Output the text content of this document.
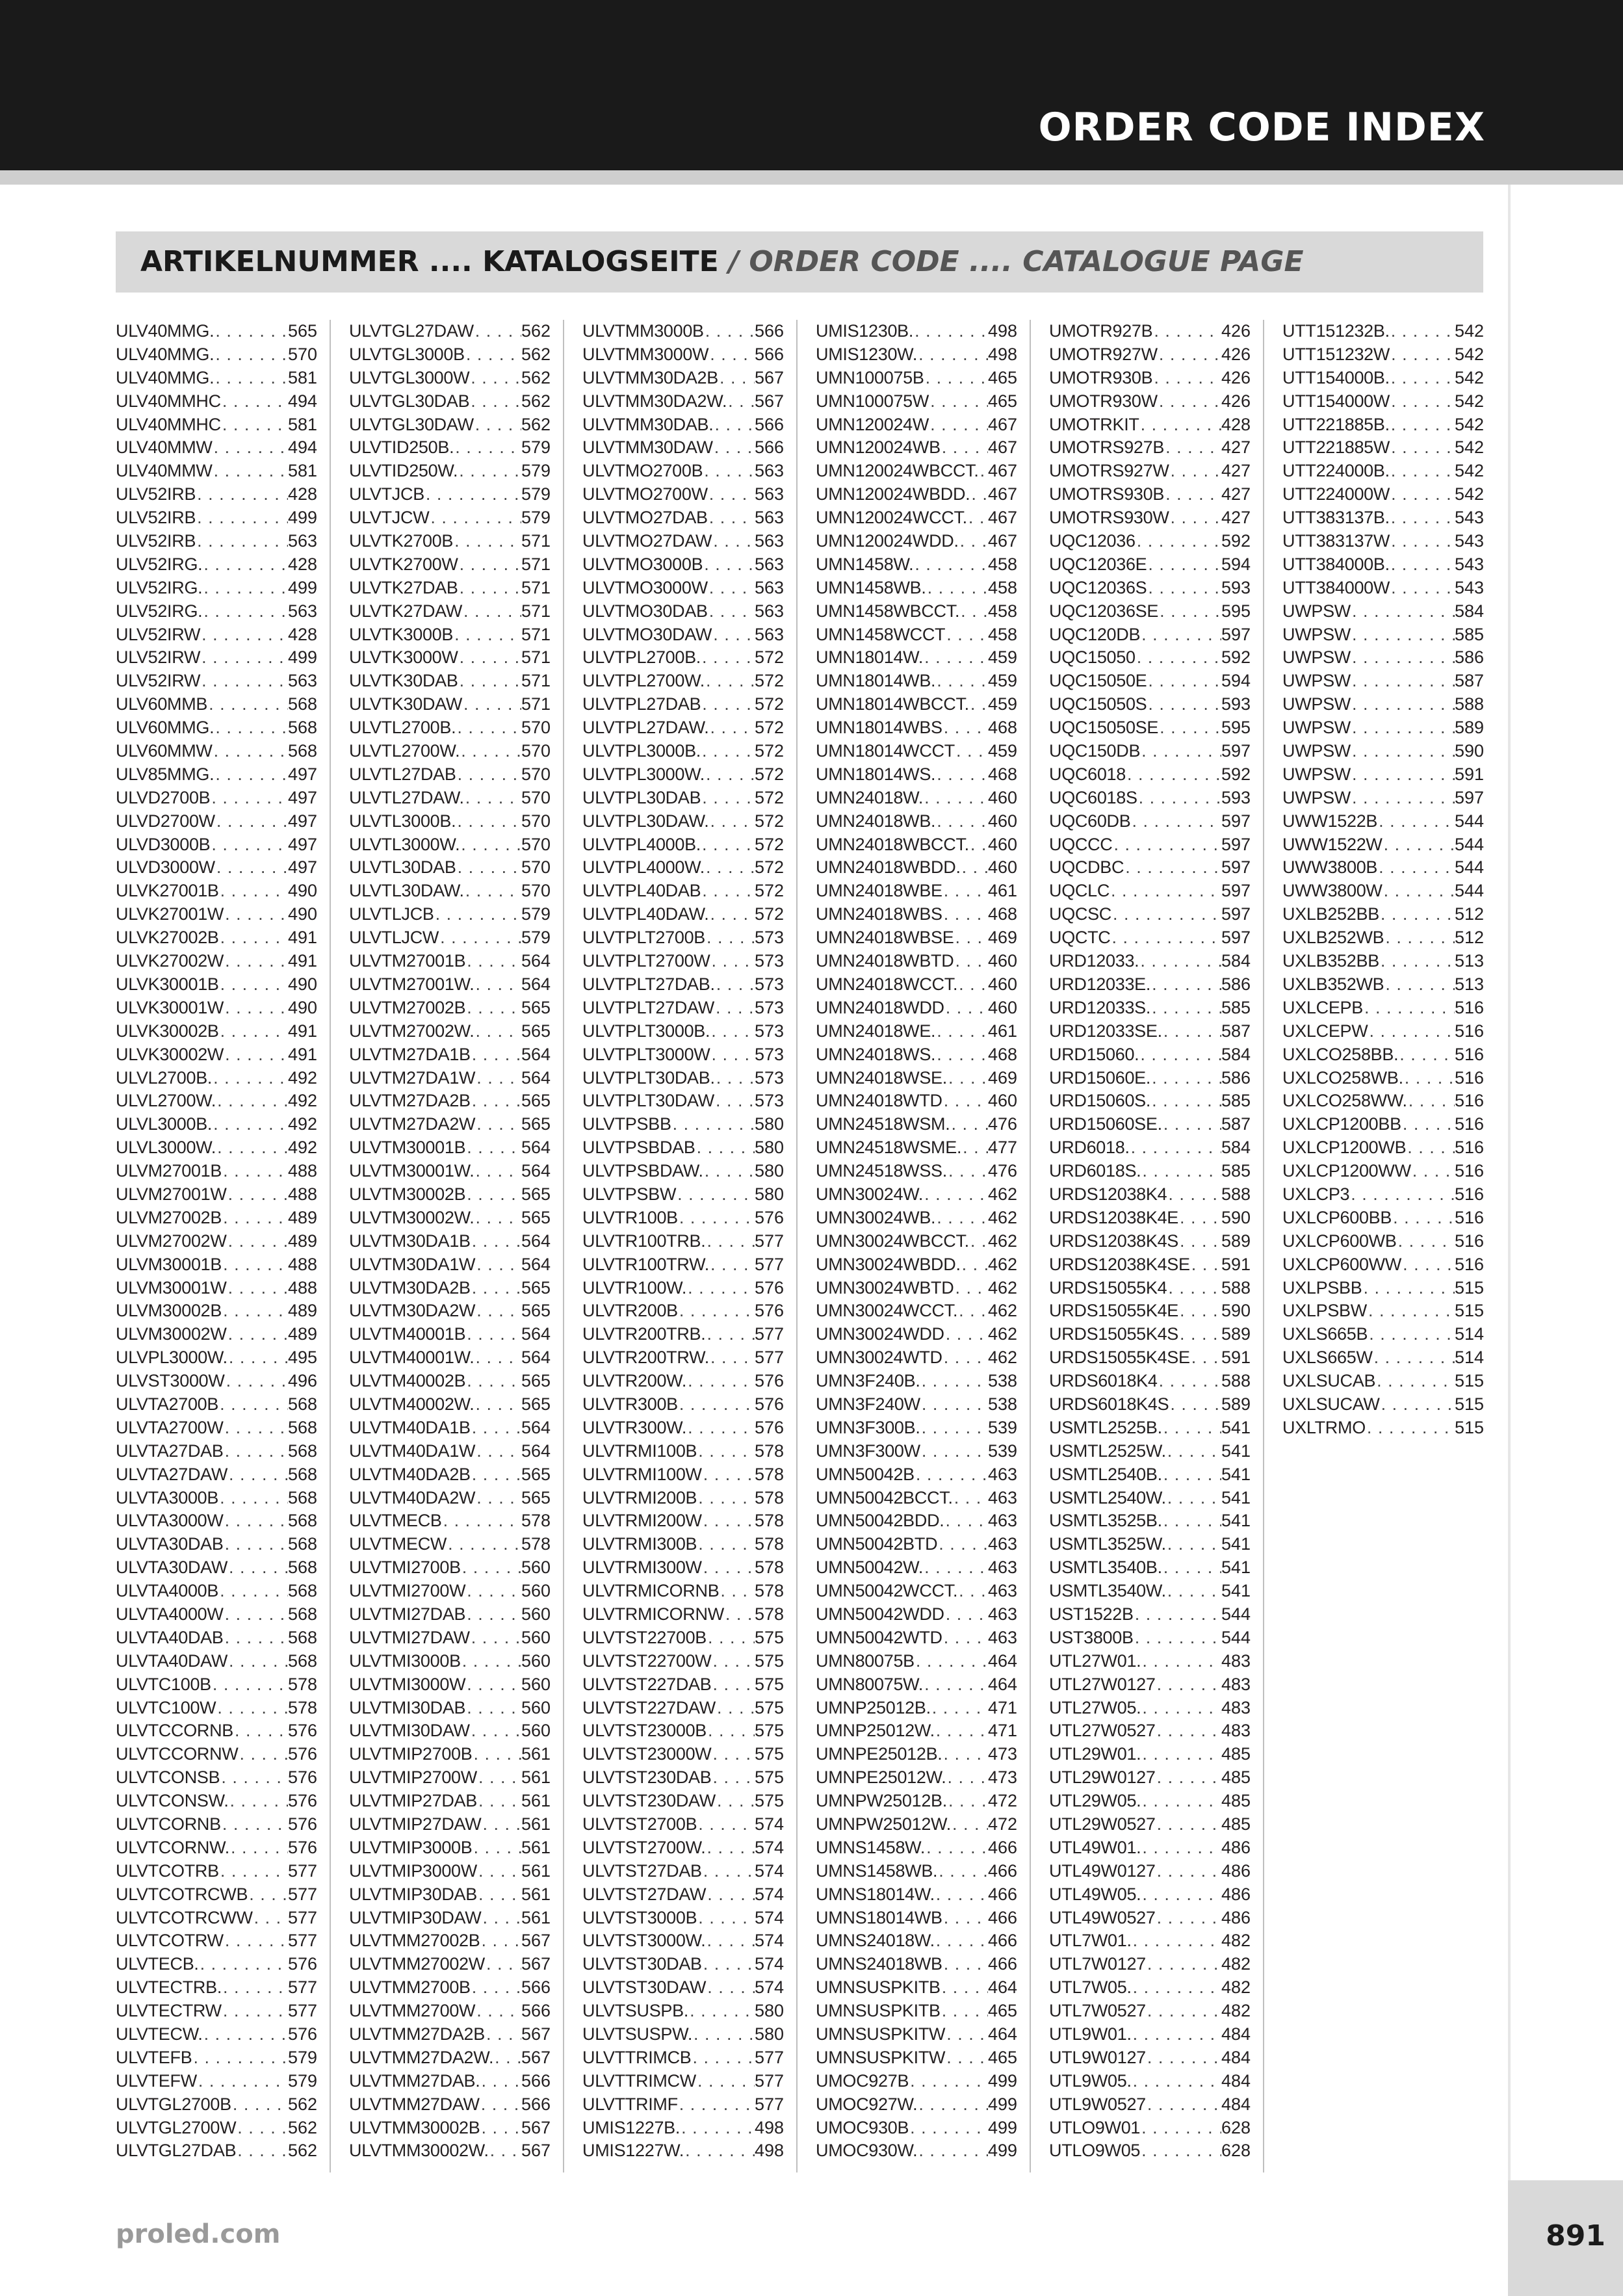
ORDER CODE INDEX
ARTIKELNUMMER .... KATALOGSEITE / ORDER CODE .... CATALOGUE PAGE
ULV40MMG. . . .	565
ULV40MMG. . . .	570
ULV40MMG. . . .	581
ULV40MMHC . . .	494
ULV40MMHC . . .	581
ULV40MMW . . .	494
ULV40MMW . . .	581
ULV52IRB . . .	428
ULV52IRB . . .	499
ULV52IRB . . .	563
ULV52IRG. . . .	428
ULV52IRG. . . .	499
ULV52IRG. . . .	563
ULV52IRW . . .	428
ULV52IRW . . .	499
ULV52IRW . . .	563
ULV60MMB . . .	568
ULV60MMG. . . .	568
ULV60MMW . . .	568
ULV85MMG. . . .	497
ULVD2700B . . .	497
ULVD2700W . . .	497
ULVD3000B . . .	497
ULVD3000W . . .	497
ULVK27001B . . .	490
ULVK27001W . . .	490
ULVK27002B . . .	491
ULVK27002W . . .	491
ULVK30001B . . .	490
ULVK30001W . . .	490
ULVK30002B . . .	491
ULVK30002W . . .	491
ULVL2700B. . . .	492
ULVL2700W. . . .	492
ULVL3000B. . . .	492
ULVL3000W. . . .	492
ULVM27001B . . .	488
ULVM27001W . . .	488
ULVM27002B . . .	489
ULVM27002W . . .	489
ULVM30001B . . .	488
ULVM30001W . . .	488
ULVM30002B . . .	489
ULVM30002W . . .	489
ULVPL3000W. . . .	495
ULVST3000W . . .	496
ULVTA2700B . . .	568
ULVTA2700W . . .	568
ULVTA27DAB . . .	568
ULVTA27DAW . . .	568
ULVTA3000B . . .	568
ULVTA3000W . . .	568
ULVTA30DAB . . .	568
ULVTA30DAW . . .	568
ULVTA4000B . . .	568
ULVTA4000W . . .	568
ULVTA40DAB . . .	568
ULVTA40DAW . . .	568
ULVTC100B . . .	578
ULVTC100W . . .	578
ULVTCCORNB . . .	576
ULVTCCORNW . . .	576
ULVTCONSB . . .	576
ULVTCONSW. . . .	576
ULVTCORNB . . .	576
ULVTCORNW. . . .	576
ULVTCOTRB . . .	577
ULVTCOTRCWB . . . 577
ULVTCOTRCWW . . . 577
ULVTCOTRW . . .	577
ULVTECB. . . .	576
ULVTECTRB. . . .	577
ULVTECTRW . . .	577
ULVTECW. . . .	576
ULVTEFB . . .	579
ULVTEFW . . .	579
ULVTGL2700B . . .	562
ULVTGL2700W . . .	562
ULVTGL27DAB . . .	562
ULVTGL27DAW . . .	562
ULVTGL3000B . . .	562
ULVTGL3000W . . .	562
ULVTGL30DAB . . .	562
ULVTGL30DAW . . .	562
ULVTID250B. . . .	579
ULVTID250W. . . .	579
ULVTJCB . . .	579
ULVTJCW . . .	579
ULVTK2700B . . .	571
ULVTK2700W . . .	571
ULVTK27DAB . . .	571
ULVTK27DAW . . .	571
ULVTK3000B . . .	571
ULVTK3000W . . .	571
ULVTK30DAB . . .	571
ULVTK30DAW . . .	571
ULVTL2700B. . . .	570
ULVTL2700W. . . .	570
ULVTL27DAB . . .	570
ULVTL27DAW. . . .	570
ULVTL3000B. . . .	570
ULVTL3000W. . . .	570
ULVTL30DAB . . .	570
ULVTL30DAW. . . .	570
ULVTLJCB . . .	579
ULVTLJCW . . .	579
ULVTM27001B . . .	564
ULVTM27001W. . . .	564
ULVTM27002B . . .	565
ULVTM27002W. . . .	565
ULVTM27DA1B . . .	564
ULVTM27DA1W . . .	564
ULVTM27DA2B . . .	565
ULVTM27DA2W . . .	565
ULVTM30001B . . .	564
ULVTM30001W. . . .	564
ULVTM30002B . . .	565
ULVTM30002W. . . .	565
ULVTM30DA1B . . .	564
ULVTM30DA1W . . .	564
ULVTM30DA2B . . .	565
ULVTM30DA2W . . .	565
ULVTM40001B . . .	564
ULVTM40001W. . . .	564
ULVTM40002B . . .	565
ULVTM40002W. . . .	565
ULVTM40DA1B . . .	564
ULVTM40DA1W . . .	564
ULVTM40DA2B . . .	565
ULVTM40DA2W . . .	565
ULVTMECB . . .	578
ULVTMECW . . .	578
ULVTMI2700B . . .	560
ULVTMI2700W . . .	560
ULVTMI27DAB . . .	560
ULVTMI27DAW . . .	560
ULVTMI3000B . . .	560
ULVTMI3000W . . .	560
ULVTMI30DAB . . .	560
ULVTMI30DAW . . .	560
ULVTMIP2700B . . .	561
ULVTMIP2700W . . .	561
ULVTMIP27DAB . . .	561
ULVTMIP27DAW . . . 561
ULVTMIP3000B . . .	561
ULVTMIP3000W . . .	561
ULVTMIP30DAB . . .	561
ULVTMIP30DAW . . . 561
ULVTMM27002B . . . 567
ULVTMM27002W . . . 567
ULVTMM2700B . . .	566
ULVTMM2700W . . .	566
ULVTMM27DA2B . . . 567
ULVTMM27DA2W. . . . 567
ULVTMM27DAB. . . . 566
ULVTMM27DAW . . . 566
ULVTMM30002B . . . 567
ULVTMM30002W. . . . 567
ULVTMM3000B . . .	566
ULVTMM3000W . . .	566
ULVTMM30DA2B . . . 567
ULVTMM30DA2W. . . . 567
ULVTMM30DAB. . . . 566
ULVTMM30DAW . . . 566
ULVTMO2700B . . .	563
ULVTMO2700W . . .	563
ULVTMO27DAB . . .	563
ULVTMO27DAW . . . 563
ULVTMO3000B . . .	563
ULVTMO3000W . . .	563
ULVTMO30DAB . . .	563
ULVTMO30DAW . . . 563
ULVTPL2700B. . . .	572
ULVTPL2700W. . . .	572
ULVTPL27DAB . . .	572
ULVTPL27DAW. . . .	572
ULVTPL3000B. . . .	572
ULVTPL3000W. . . .	572
ULVTPL30DAB . . .	572
ULVTPL30DAW. . . .	572
ULVTPL4000B. . . .	572
ULVTPL4000W. . . .	572
ULVTPL40DAB . . .	572
ULVTPL40DAW. . . .	572
ULVTPLT2700B . . .	573
ULVTPLT2700W . . .	573
ULVTPLT27DAB. . . . 573
ULVTPLT27DAW . . . 573
ULVTPLT3000B. . . .	573
ULVTPLT3000W . . .	573
ULVTPLT30DAB. . . . 573
ULVTPLT30DAW . . . 573
ULVTPSBB . . .	580
ULVTPSBDAB . . .	580
ULVTPSBDAW. . . .	580
ULVTPSBW . . .	580
ULVTR100B . . .	576
ULVTR100TRB. . . .	577
ULVTR100TRW. . . .	577
ULVTR100W. . . .	576
ULVTR200B . . .	576
ULVTR200TRB. . . .	577
ULVTR200TRW. . . .	577
ULVTR200W. . . .	576
ULVTR300B . . .	576
ULVTR300W. . . .	576
ULVTRMI100B . . .	578
ULVTRMI100W . . .	578
ULVTRMI200B . . .	578
ULVTRMI200W . . .	578
ULVTRMI300B . . .	578
ULVTRMI300W . . .	578
ULVTRMICORNB . . . 578
ULVTRMICORNW . . . 578
ULVTST22700B . . .	575
ULVTST22700W . . . 575
ULVTST227DAB . . . 575
ULVTST227DAW . . . 575
ULVTST23000B . . .	575
ULVTST23000W . . . 575
ULVTST230DAB . . . 575
ULVTST230DAW . . . 575
ULVTST2700B . . .	574
ULVTST2700W. . . .	574
ULVTST27DAB . . .	574
ULVTST27DAW . . .	574
ULVTST3000B . . .	574
ULVTST3000W. . . .	574
ULVTST30DAB . . .	574
ULVTST30DAW . . .	574
ULVTSUSPB. . . .	580
ULVTSUSPW. . . .	580
ULVTTRIMCB . . .	577
ULVTTRIMCW . . .	577
ULVTTRIMF . . .	577
UMIS1227B. . . .	498
UMIS1227W. . . .	498
UMIS1230B. . . .	498
UMIS1230W. . . .	498
UMN100075B . . .	465
UMN100075W . . .	465
UMN120024W . . .	467
UMN120024WB . . .	467
UMN120024WBCCT. . . . 467
UMN120024WBDD. . . . 467
UMN120024WCCT. . . . 467
UMN120024WDD. . . . 467
UMN1458W. . . .	458
UMN1458WB. . . .	458
UMN1458WBCCT. . . . 458
UMN1458WCCT . . . 458
UMN18014W. . . .	459
UMN18014WB. . . .	459
UMN18014WBCCT. . . . 459
UMN18014WBS . . .	468
UMN18014WCCT . . . 459
UMN18014WS. . . .	468
UMN24018W. . . .	460
UMN24018WB. . . .	460
UMN24018WBCCT. . . . 460
UMN24018WBDD. . . . 460
UMN24018WBE . . .	461
UMN24018WBS . . .	468
UMN24018WBSE . . . 469
UMN24018WBTD . . . 460
UMN24018WCCT. . . . 460
UMN24018WDD . . . 460
UMN24018WE. . . .	461
UMN24018WS. . . .	468
UMN24018WSE. . . . 469
UMN24018WTD . . .	460
UMN24518WSM. . . . 476
UMN24518WSME. . . . 477
UMN24518WSS. . . . 476
UMN30024W. . . .	462
UMN30024WB. . . .	462
UMN30024WBCCT. . . . 462
UMN30024WBDD. . . . 462
UMN30024WBTD . . . 462
UMN30024WCCT. . . . 462
UMN30024WDD . . . 462
UMN30024WTD . . .	462
UMN3F240B. . . .	538
UMN3F240W . . .	538
UMN3F300B. . . .	539
UMN3F300W . . .	539
UMN50042B . . .	463
UMN50042BCCT. . . . 463
UMN50042BDD. . . . 463
UMN50042BTD . . .	463
UMN50042W. . . .	463
UMN50042WCCT. . . . 463
UMN50042WDD . . . 463
UMN50042WTD . . .	463
UMN80075B . . .	464
UMN80075W. . . .	464
UMNP25012B. . . .	471
UMNP25012W. . . .	471
UMNPE25012B. . . .	473
UMNPE25012W. . . . 473
UMNPW25012B. . . . 472
UMNPW25012W. . . . 472
UMNS1458W. . . .	466
UMNS1458WB. . . .	466
UMNS18014W. . . .	466
UMNS18014WB . . .	466
UMNS24018W. . . .	466
UMNS24018WB . . .	466
UMNSUSPKITB . . .	464
UMNSUSPKITB . . .	465
UMNSUSPKITW . . . 464
UMNSUSPKITW . . . 465
UMOC927B . . .	499
UMOC927W. . . .	499
UMOC930B . . .	499
UMOC930W. . . .	499
UMOTR927B . . .	426
UMOTR927W . . .	426
UMOTR930B . . .	426
UMOTR930W . . .	426
UMOTRKIT . . .	428
UMOTRS927B . . .	427
UMOTRS927W . . .	427
UMOTRS930B . . .	427
UMOTRS930W . . .	427
UQC12036 . . .	592
UQC12036E . . .	594
UQC12036S . . .	593
UQC12036SE . . .	595
UQC120DB . . .	597
UQC15050 . . .	592
UQC15050E . . .	594
UQC15050S . . .	593
UQC15050SE . . .	595
UQC150DB . . .	597
UQC6018 . . .	592
UQC6018S . . .	593
UQC60DB . . .	597
UQCCC . . .	597
UQCDBC . . .	597
UQCLC . . .	597
UQCSC . . .	597
UQCTC . . .	597
URD12033. . . .	584
URD12033E. . . .	586
URD12033S. . . .	585
URD12033SE. . . .	587
URD15060. . . .	584
URD15060E. . . .	586
URD15060S. . . .	585
URD15060SE. . . .	587
URD6018. . . .	584
URD6018S. . . .	585
URDS12038K4 . . .	588
URDS12038K4E . . . 590
URDS12038K4S . . . 589
URDS12038K4SE . . . 591
URDS15055K4 . . .	588
URDS15055K4E . . . 590
URDS15055K4S . . . 589
URDS15055K4SE . . . 591
URDS6018K4 . . .	588
URDS6018K4S . . .	589
USMTL2525B. . . .	541
USMTL2525W. . . .	541
USMTL2540B. . . .	541
USMTL2540W. . . .	541
USMTL3525B. . . .	541
USMTL3525W. . . .	541
USMTL3540B. . . .	541
USMTL3540W. . . .	541
UST1522B . . .	544
UST3800B . . .	544
UTL27W01. . . .	483
UTL27W0127 . . .	483
UTL27W05. . . .	483
UTL27W0527 . . .	483
UTL29W01. . . .	485
UTL29W0127 . . .	485
UTL29W05. . . .	485
UTL29W0527 . . .	485
UTL49W01. . . .	486
UTL49W0127 . . .	486
UTL49W05. . . .	486
UTL49W0527 . . .	486
UTL7W01. . . .	482
UTL7W0127 . . .	482
UTL7W05. . . .	482
UTL7W0527 . . .	482
UTL9W01. . . .	484
UTL9W0127 . . .	484
UTL9W05. . . .	484
UTL9W0527 . . .	484
UTLO9W01 . . .	628
UTLO9W05 . . .	628
UTT151232B. . . .	542
UTT151232W . . .	542
UTT154000B. . . .	542
UTT154000W . . .	542
UTT221885B. . . .	542
UTT221885W . . .	542
UTT224000B. . . .	542
UTT224000W . . .	542
UTT383137B. . . .	543
UTT383137W . . .	543
UTT384000B. . . .	543
UTT384000W . . .	543
UWPSW . . .	584
UWPSW . . .	585
UWPSW . . .	586
UWPSW . . .	587
UWPSW . . .	588
UWPSW . . .	589
UWPSW . . .	590
UWPSW . . .	591
UWPSW . . .	597
UWW1522B . . .	544
UWW1522W . . .	544
UWW3800B . . .	544
UWW3800W . . .	544
UXLB252BB . . .	512
UXLB252WB . . .	512
UXLB352BB . . .	513
UXLB352WB . . .	513
UXLCEPB . . .	516
UXLCEPW . . .	516
UXLCO258BB. . . .	516
UXLCO258WB. . . .	516
UXLCO258WW. . . .	516
UXLCP1200BB . . .	516
UXLCP1200WB . . .	516
UXLCP1200WW . . . 516
UXLCP3 . . .	516
UXLCP600BB . . .	516
UXLCP600WB . . .	516
UXLCP600WW . . .	516
UXLPSBB . . .	515
UXLPSBW . . .	515
UXLS665B . . .	514
UXLS665W . . .	514
UXLSUCAB . . .	515
UXLSUCAW . . .	515
UXLTRMO . . .	515
proled.com	891
